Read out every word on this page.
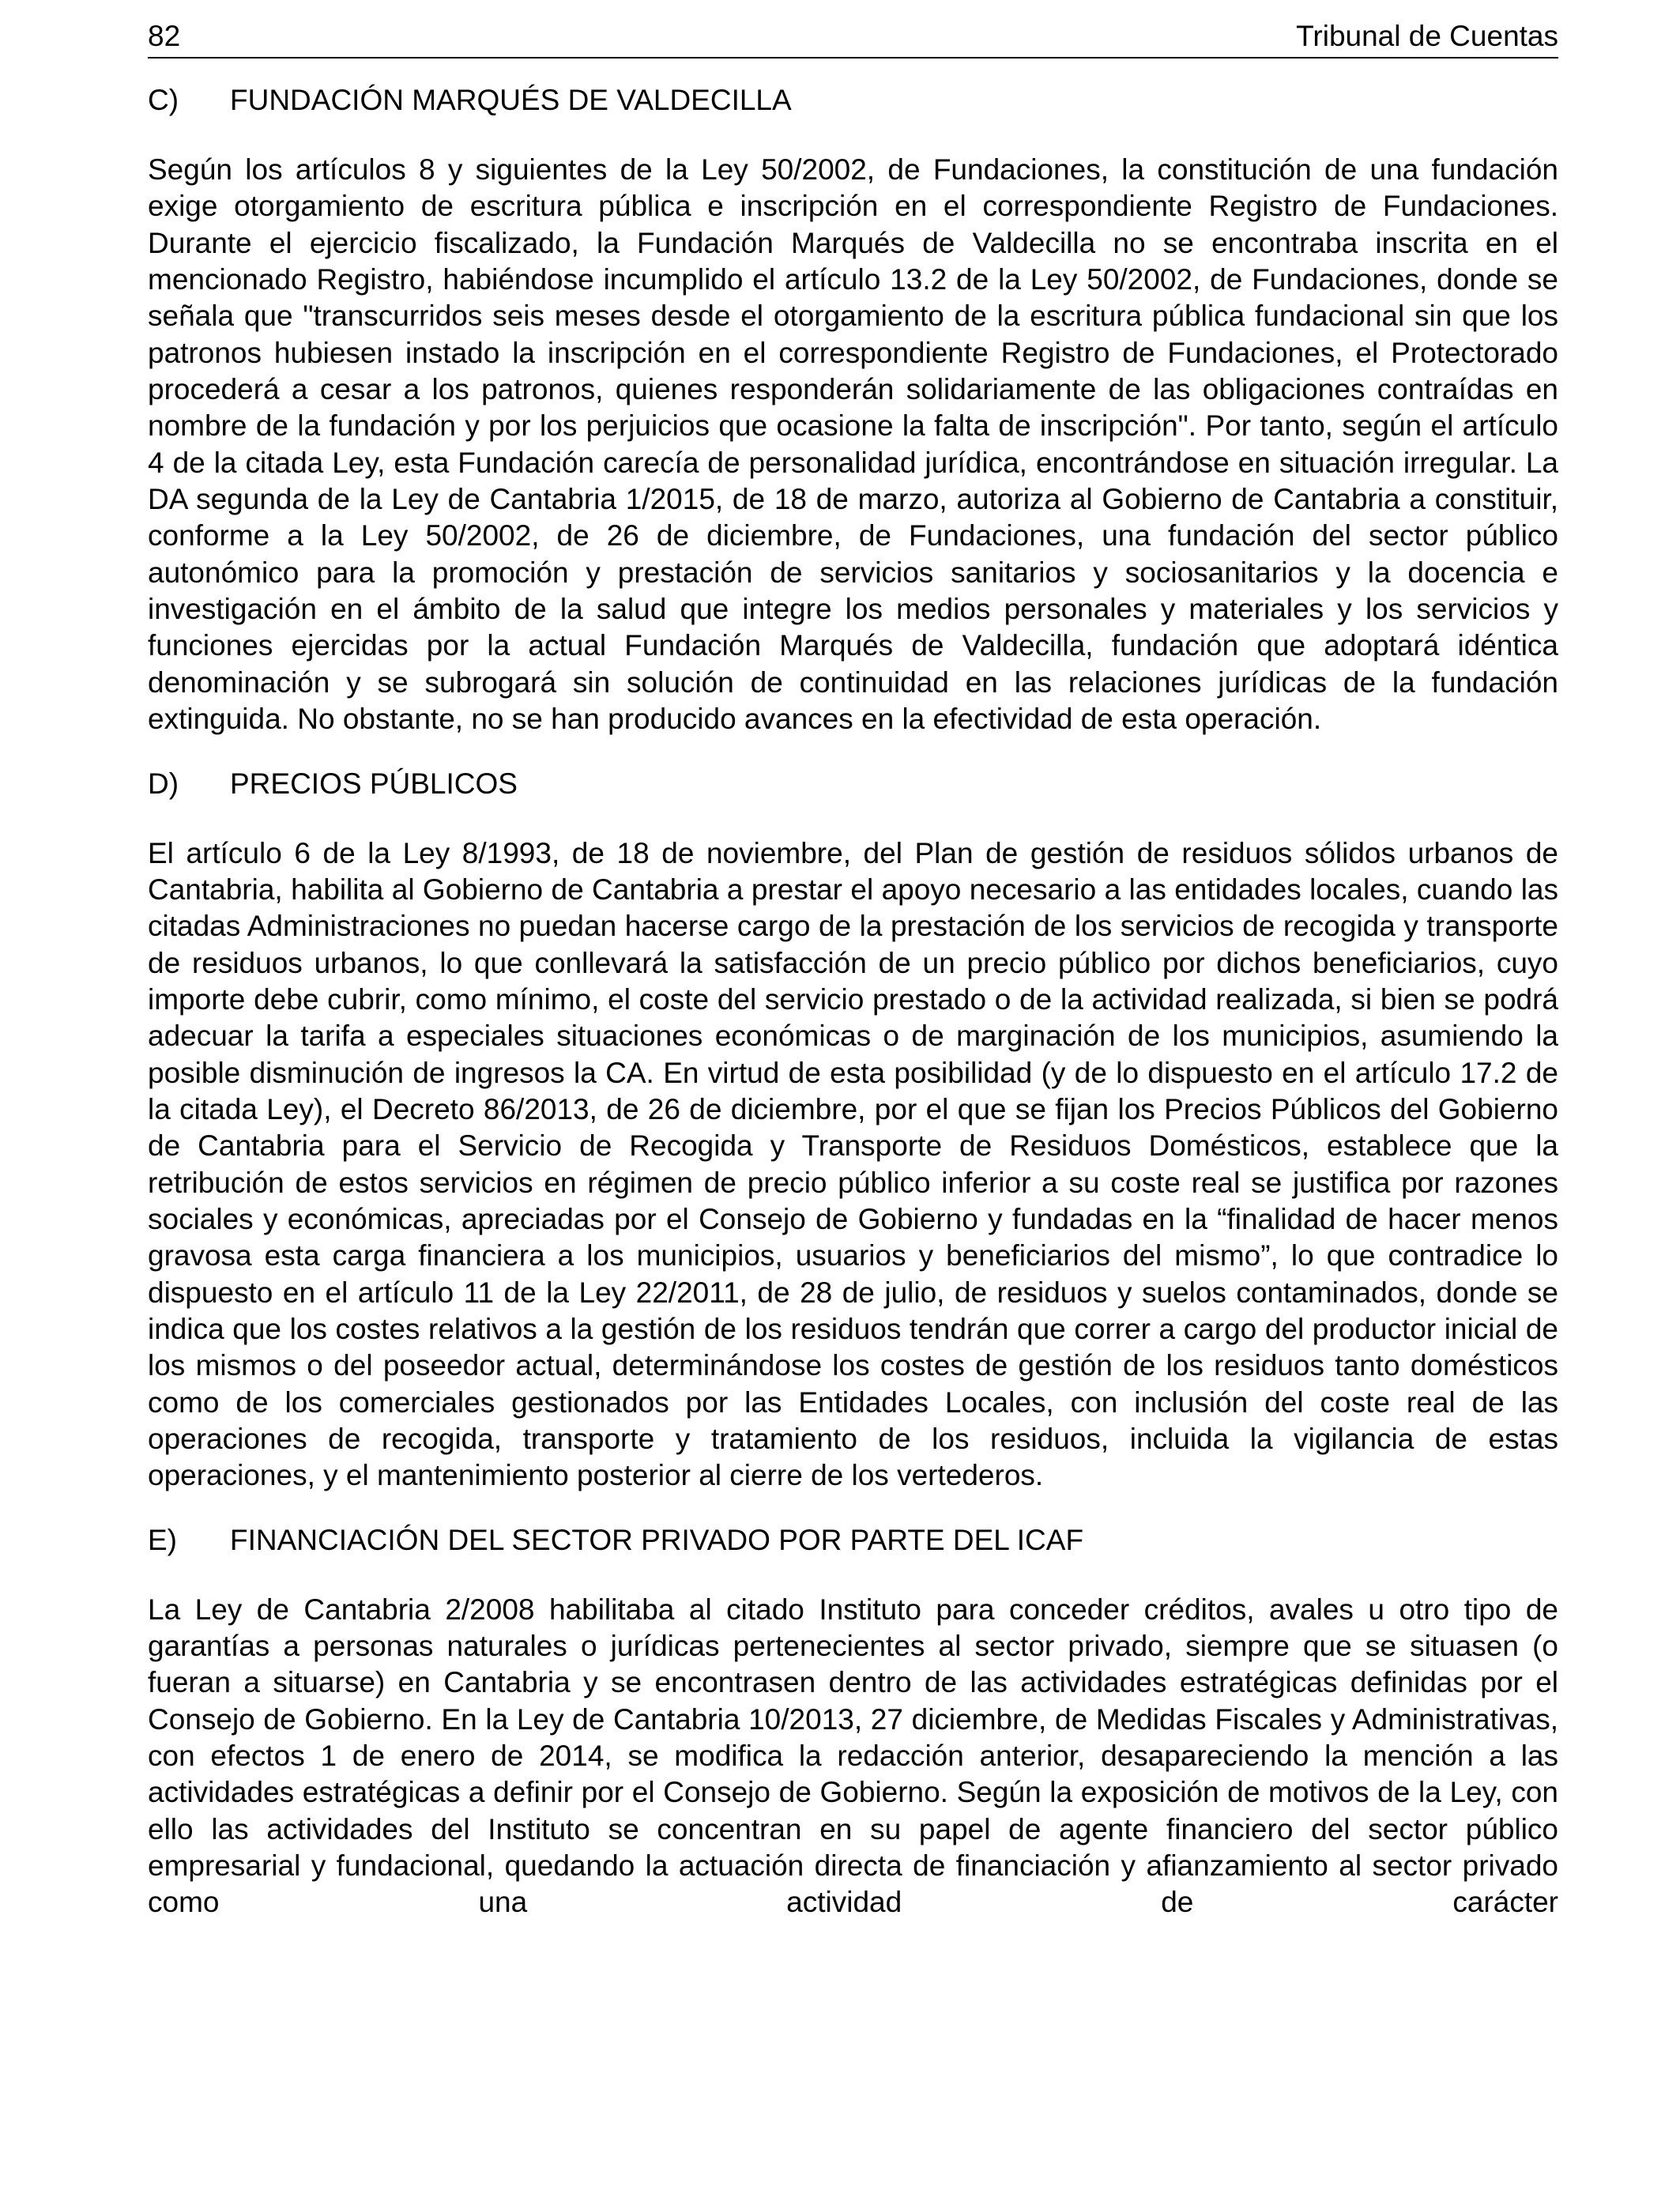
82	Tribunal de Cuentas
C)	FUNDACIÓN MARQUÉS DE VALDECILLA

Según los artículos 8 y siguientes de la Ley 50/2002, de Fundaciones, la constitución de una fundación exige otorgamiento de escritura pública e inscripción en el correspondiente Registro de Fundaciones. Durante el ejercicio fiscalizado, la Fundación Marqués de Valdecilla no se encontraba inscrita en el mencionado Registro, habiéndose incumplido el artículo 13.2 de la Ley 50/2002, de Fundaciones, donde se señala que "transcurridos seis meses desde el otorgamiento de la escritura pública fundacional sin que los patronos hubiesen instado la inscripción en el correspondiente Registro de Fundaciones, el Protectorado procederá a cesar a los patronos, quienes responderán solidariamente de las obligaciones contraídas en nombre de la fundación y por los perjuicios que ocasione la falta de inscripción". Por tanto, según el artículo 4 de la citada Ley, esta Fundación carecía de personalidad jurídica, encontrándose en situación irregular. La DA segunda de la Ley de Cantabria 1/2015, de 18 de marzo, autoriza al Gobierno de Cantabria a constituir, conforme a la Ley 50/2002, de 26 de diciembre, de Fundaciones, una fundación del sector público autonómico para la promoción y prestación de servicios sanitarios y sociosanitarios y la docencia e investigación en el ámbito de la salud que integre los medios personales y materiales y los servicios y funciones ejercidas por la actual Fundación Marqués de Valdecilla, fundación que adoptará idéntica denominación y se subrogará sin solución de continuidad en las relaciones jurídicas de la fundación extinguida. No obstante, no se han producido avances en la efectividad de esta operación.

D)	PRECIOS PÚBLICOS

El artículo 6 de la Ley 8/1993, de 18 de noviembre, del Plan de gestión de residuos sólidos urbanos de Cantabria, habilita al Gobierno de Cantabria a prestar el apoyo necesario a las entidades locales, cuando las citadas Administraciones no puedan hacerse cargo de la prestación de los servicios de recogida y transporte de residuos urbanos, lo que conllevará la satisfacción de un precio público por dichos beneficiarios, cuyo importe debe cubrir, como mínimo, el coste del servicio prestado o de la actividad realizada, si bien se podrá adecuar la tarifa a especiales situaciones económicas o de marginación de los municipios, asumiendo la posible disminución de ingresos la CA. En virtud de esta posibilidad (y de lo dispuesto en el artículo 17.2 de la citada Ley), el Decreto 86/2013, de 26 de diciembre, por el que se fijan los Precios Públicos del Gobierno de Cantabria para el Servicio de Recogida y Transporte de Residuos Domésticos, establece que la retribución de estos servicios en régimen de precio público inferior a su coste real se justifica por razones sociales y económicas, apreciadas por el Consejo de Gobierno y fundadas en la “finalidad de hacer menos gravosa esta carga financiera a los municipios, usuarios y beneficiarios del mismo”, lo que contradice lo dispuesto en el artículo 11 de la Ley 22/2011, de 28 de julio, de residuos y suelos contaminados, donde se indica que los costes relativos a la gestión de los residuos tendrán que correr a cargo del productor inicial de los mismos o del poseedor actual, determinándose los costes de gestión de los residuos tanto domésticos como de los comerciales gestionados por las Entidades Locales, con inclusión del coste real de las operaciones de recogida, transporte y tratamiento de los residuos, incluida la vigilancia de estas operaciones, y el mantenimiento posterior al cierre de los vertederos.

E)	FINANCIACIÓN DEL SECTOR PRIVADO POR PARTE DEL ICAF

La Ley de Cantabria 2/2008 habilitaba al citado Instituto para conceder créditos, avales u otro tipo de garantías a personas naturales o jurídicas pertenecientes al sector privado, siempre que se situasen (o fueran a situarse) en Cantabria y se encontrasen dentro de las actividades estratégicas definidas por el Consejo de Gobierno. En la Ley de Cantabria 10/2013, 27 diciembre, de Medidas Fiscales y Administrativas, con efectos 1 de enero de 2014, se modifica la redacción anterior, desapareciendo la mención a las actividades estratégicas a definir por el Consejo de Gobierno. Según la exposición de motivos de la Ley, con ello las actividades del Instituto se concentran en su papel de agente financiero del sector público empresarial y fundacional, quedando la actuación directa de financiación y afianzamiento al sector privado como una actividad de carácter
